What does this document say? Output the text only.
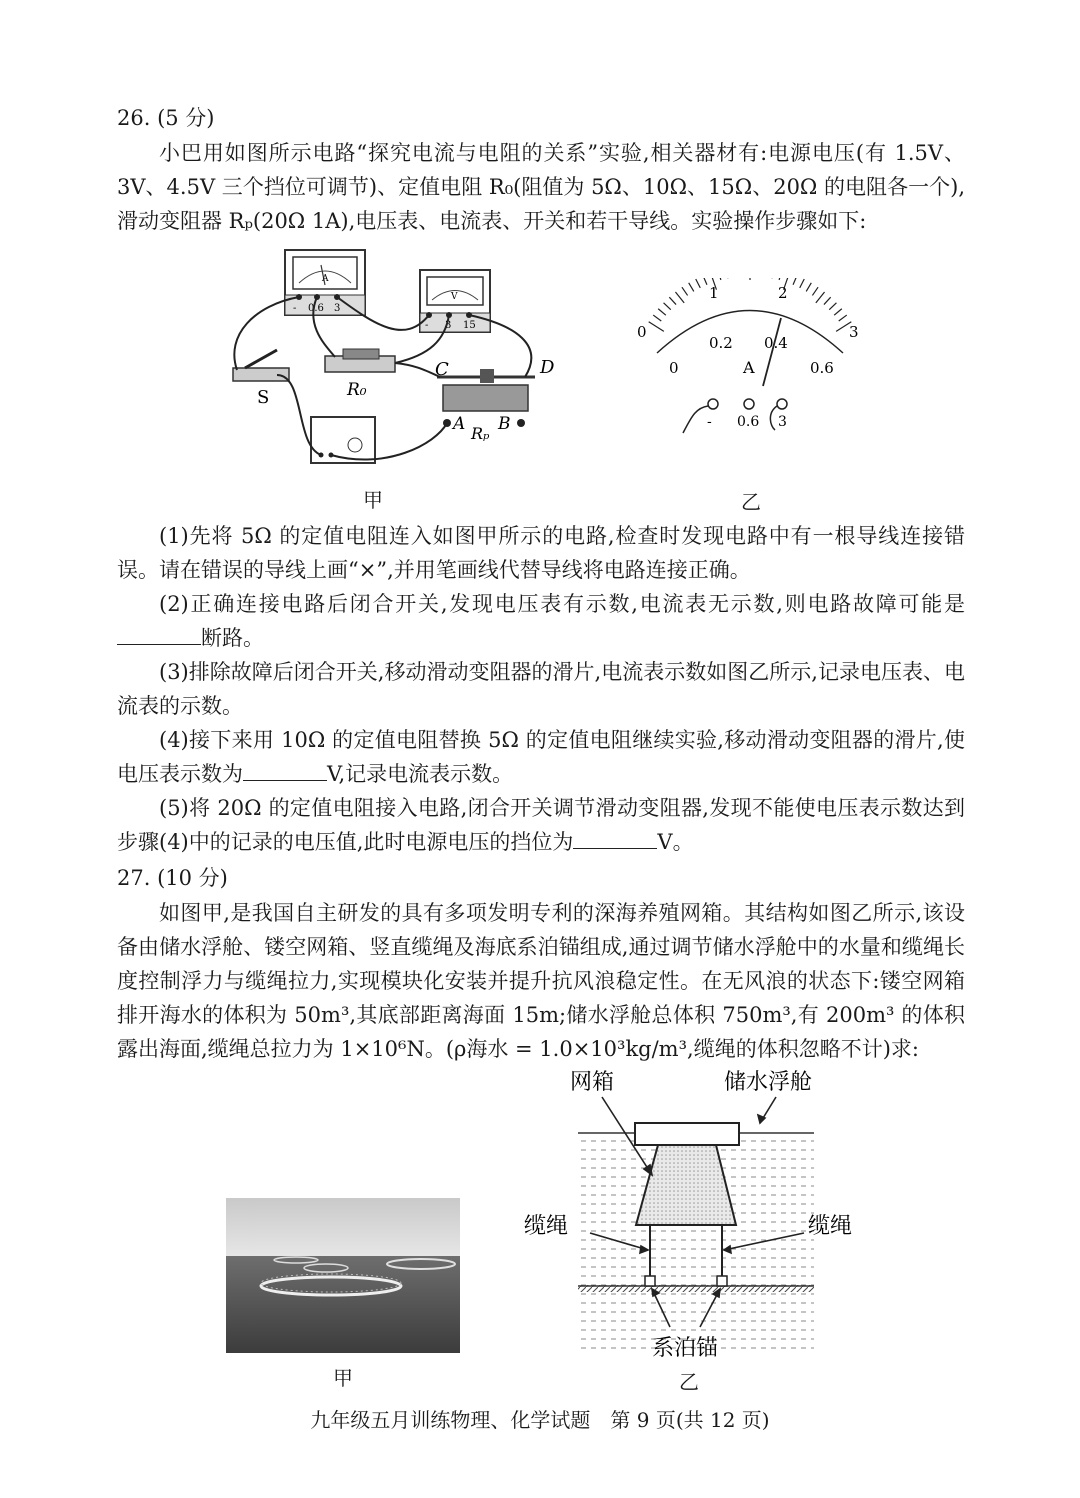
26. (5 分)

小巴用如图所示电路“探究电流与电阻的关系”实验,相关器材有:电源电压(有 1.5V、3V、4.5V 三个挡位可调节)、定值电阻 R₀(阻值为 5Ω、10Ω、15Ω、20Ω 的电阻各一个),滑动变阻器 Rₚ(20Ω 1A),电压表、电流表、开关和若干导线。实验操作步骤如下:

A
- 0.6 3
V
- 3 15
S	R₀
C	D
A B
Rₚ
甲
0
1	2
3
0
0.2 0.4
0.6
A
- 0.6 3
乙

(1)先将 5Ω 的定值电阻连入如图甲所示的电路,检查时发现电路中有一根导线连接错误。请在错误的导线上画“×”,并用笔画线代替导线将电路连接正确。

(2)正确连接电路后闭合开关,发现电压表有示数,电流表无示数,则电路故障可能是断路。

(3)排除故障后闭合开关,移动滑动变阻器的滑片,电流表示数如图乙所示,记录电压表、电流表的示数。

(4)接下来用 10Ω 的定值电阻替换 5Ω 的定值电阻继续实验,移动滑动变阻器的滑片,使电压表示数为	V,记录电流表示数。

(5)将 20Ω 的定值电阻接入电路,闭合开关调节滑动变阻器,发现不能使电压表示数达到步骤(4)中的记录的电压值,此时电源电压的挡位为	V。

27. (10 分)

如图甲,是我国自主研发的具有多项发明专利的深海养殖网箱。其结构如图乙所示,该设备由储水浮舱、镂空网箱、竖直缆绳及海底系泊锚组成,通过调节储水浮舱中的水量和缆绳长度控制浮力与缆绳拉力,实现模块化安装并提升抗风浪稳定性。在无风浪的状态下:镂空网箱排开海水的体积为 50m³,其底部距离海面 15m;储水浮舱总体积 750m³,有 200m³ 的体积露出海面,缆绳总拉力为 1×10⁶N。(ρ海水 = 1.0×10³kg/m³,缆绳的体积忽略不计)求:

甲
网箱	储水浮舱
缆绳	缆绳
系泊锚
乙
九年级五月训练物理、化学试题　第 9 页(共 12 页)
